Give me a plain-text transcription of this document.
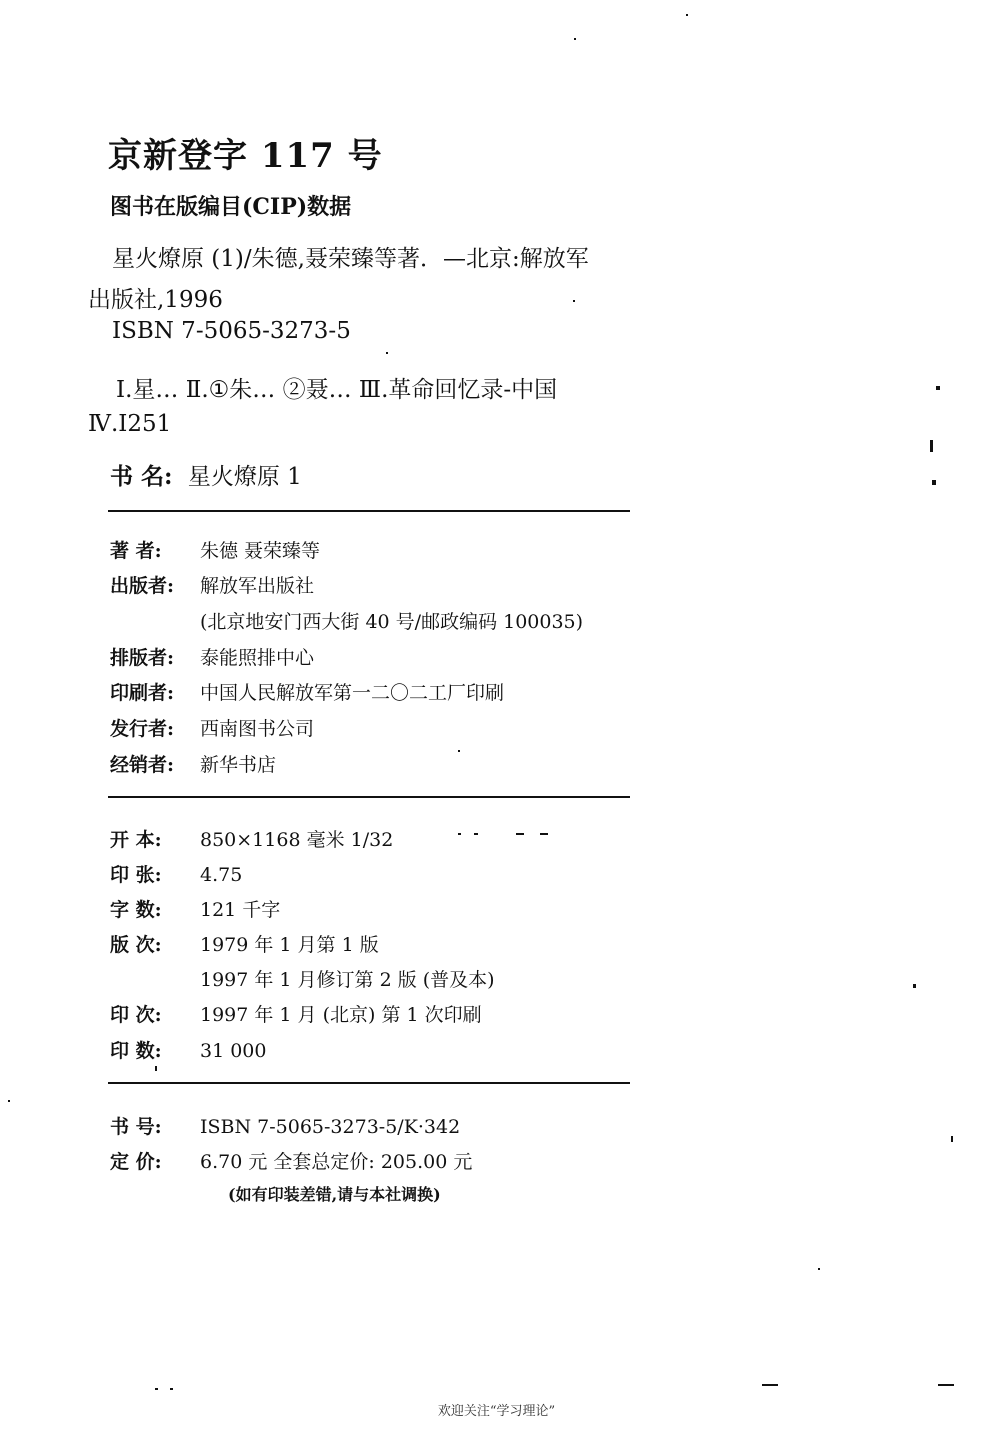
京新登字 117 号
图书在版编目(CIP)数据
星火燎原 (1)/朱德,聂荣臻等著．—北京:解放军
出版社,1996
ISBN 7-5065-3273-5
Ⅰ.星… Ⅱ.①朱… ②聂… Ⅲ.革命回忆录-中国
Ⅳ.I251
书 名: 星火燎原 1
著 者: 朱德 聂荣臻等
出版者: 解放军出版社
(北京地安门西大街 40 号/邮政编码 100035)
排版者: 泰能照排中心
印刷者: 中国人民解放军第一二〇二工厂印刷
发行者: 西南图书公司
经销者: 新华书店
开 本: 850×1168 毫米 1/32
印 张: 4.75
字 数: 121 千字
版 次: 1979 年 1 月第 1 版
1997 年 1 月修订第 2 版 (普及本)
印 次: 1997 年 1 月 (北京) 第 1 次印刷
印 数: 31 000
书 号: ISBN 7-5065-3273-5/K·342
定 价: 6.70 元 全套总定价: 205.00 元
(如有印装差错,请与本社调换)
欢迎关注“学习理论”
